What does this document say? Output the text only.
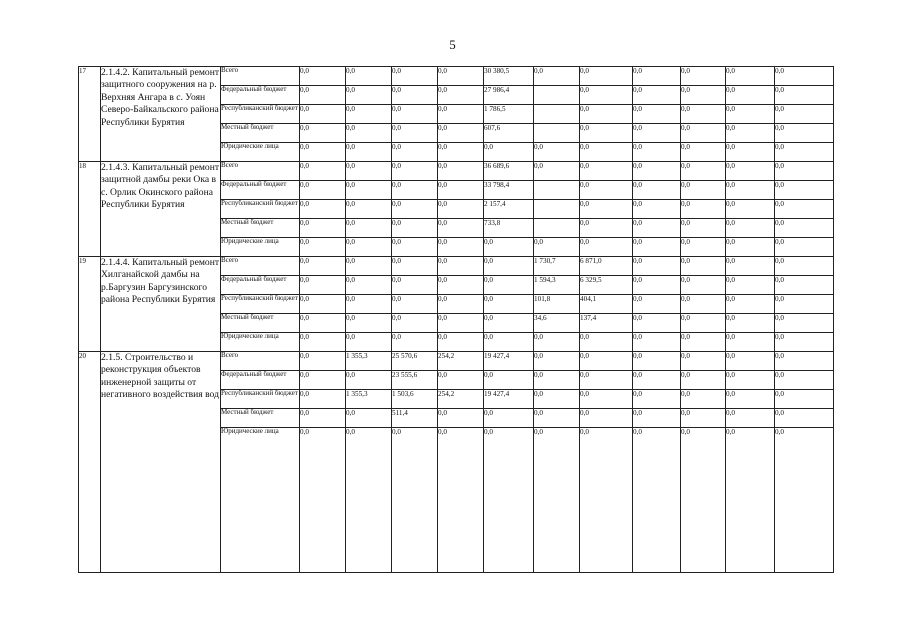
5
17	2.1.4.2. Капитальный ремонт защитного сооружения на р. Верхняя Ангара в с. Уоян Северо-Байкальского района Республики Бурятия	Всего	0,0	0,0	0,0	0,0	30 380,5	0,0	0,0	0,0	0,0	0,0	0,0
		Федеральный бюджет	0,0	0,0	0,0	0,0	27 986,4		0,0	0,0	0,0	0,0	0,0
		Республиканский бюджет	0,0	0,0	0,0	0,0	1 786,5		0,0	0,0	0,0	0,0	0,0
		Местный бюджет	0,0	0,0	0,0	0,0	607,6		0,0	0,0	0,0	0,0	0,0
		Юридические лица	0,0	0,0	0,0	0,0	0,0	0,0	0,0	0,0	0,0	0,0	0,0
18	2.1.4.3. Капитальный ремонт защитной дамбы реки Ока в с. Орлик Окинского района Республики Бурятия	Всего	0,0	0,0	0,0	0,0	36 689,6	0,0	0,0	0,0	0,0	0,0	0,0
		Федеральный бюджет	0,0	0,0	0,0	0,0	33 798,4		0,0	0,0	0,0	0,0	0,0
		Республиканский бюджет	0,0	0,0	0,0	0,0	2 157,4		0,0	0,0	0,0	0,0	0,0
		Местный бюджет	0,0	0,0	0,0	0,0	733,8		0,0	0,0	0,0	0,0	0,0
		Юридические лица	0,0	0,0	0,0	0,0	0,0	0,0	0,0	0,0	0,0	0,0	0,0
19	2.1.4.4. Капитальный ремонт Хилганайской дамбы на р.Баргузин Баргузинского района Республики Бурятия	Всего	0,0	0,0	0,0	0,0	0,0	1 730,7	6 871,0	0,0	0,0	0,0	0,0
		Федеральный бюджет	0,0	0,0	0,0	0,0	0,0	1 594,3	6 329,5	0,0	0,0	0,0	0,0
		Республиканский бюджет	0,0	0,0	0,0	0,0	0,0	101,8	404,1	0,0	0,0	0,0	0,0
		Местный бюджет	0,0	0,0	0,0	0,0	0,0	34,6	137,4	0,0	0,0	0,0	0,0
		Юридические лица	0,0	0,0	0,0	0,0	0,0	0,0	0,0	0,0	0,0	0,0	0,0
20	2.1.5. Строительство и реконструкция объектов инженерной защиты от негативного воздействия вод	Всего	0,0	1 355,3	25 570,6	254,2	19 427,4	0,0	0,0	0,0	0,0	0,0	0,0
		Федеральный бюджет	0,0	0,0	23 555,6	0,0	0,0	0,0	0,0	0,0	0,0	0,0	0,0
		Республиканский бюджет	0,0	1 355,3	1 503,6	254,2	19 427,4	0,0	0,0	0,0	0,0	0,0	0,0
		Местный бюджет	0,0	0,0	511,4	0,0	0,0	0,0	0,0	0,0	0,0	0,0	0,0
		Юридические лица	0,0	0,0	0,0	0,0	0,0	0,0	0,0	0,0	0,0	0,0	0,0
